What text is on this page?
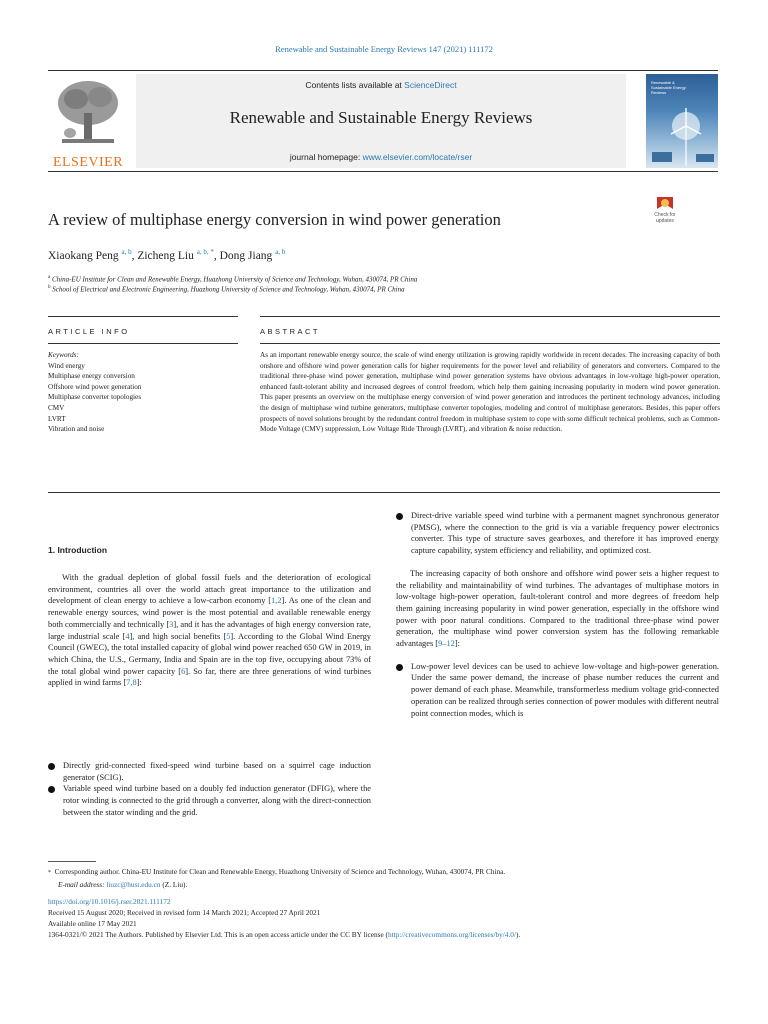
Renewable and Sustainable Energy Reviews 147 (2021) 111172
ELSEVIER
Contents lists available at ScienceDirect
Renewable and Sustainable Energy Reviews
journal homepage: www.elsevier.com/locate/rser
Renewable & Sustainable Energy Reviews
A review of multiphase energy conversion in wind power generation	Check for updates
Xiaokang Peng $^{a, b}$, Zicheng Liu $^{a, b, *}$, Dong Jiang $^{a, b}$
$^a$ China-EU Institute for Clean and Renewable Energy, Huazhong University of Science and Technology, Wuhan, 430074, PR China
$^b$ School of Electrical and Electronic Engineering, Huazhong University of Science and Technology, Wuhan, 430074, PR China
ARTICLE INFO	ABSTRACT
Keywords:
Wind energy
Multiphase energy conversion
Offshore wind power generation
Multiphase converter topologies
CMV
LVRT
Vibration and noise
As an important renewable energy source, the scale of wind energy utilization is growing rapidly worldwide in recent decades. The increasing capacity of both onshore and offshore wind power generation calls for higher requirements for the power level and reliability of generators and converters. Compared to the traditional three-phase wind power generation, multiphase wind power generation systems have obvious advantages in low-voltage high-power operation, enhanced fault-tolerant ability and increased degrees of control freedom, which help them gaining increasing popularity in modern wind power generation. This paper presents an overview on the multiphase energy conversion of wind power generation and introduces the pertinent technology advances, including the design of multiphase wind turbine generators, multiphase converter topologies, modeling and control of multiphase generators. Besides, this paper offers prospects of novel solutions brought by the redundant control freedom in multiphase system to cope with some difficult technical problems, such as Common-Mode Voltage (CMV) suppression, Low Voltage Ride Through (LVRT), and vibration & noise reduction.
1. Introduction

With the gradual depletion of global fossil fuels and the deterioration of ecological environment, countries all over the world attach great importance to the utilization and development of clean energy to achieve a low-carbon economy [1,2]. As one of the clean and renewable energy sources, wind power is the most potential and available renewable energy both commercially and technically [3], and it has the advantages of high energy conversion rate, large industrial scale [4], and high social benefits [5]. According to the Global Wind Energy Council (GWEC), the total installed capacity of global wind power reached 650 GW in 2019, in which China, the U.S., Germany, India and Spain are in the top five, occupying about 73% of the total global wind power capacity [6]. So far, there are three generations of wind turbines applied in wind farms [7,8]:

Directly grid-connected fixed-speed wind turbine based on a squirrel cage induction generator (SCIG).
Variable speed wind turbine based on a doubly fed induction generator (DFIG), where the rotor winding is connected to the grid through a converter, along with the direct-connection between the stator winding and the grid.
Direct-drive variable speed wind turbine with a permanent magnet synchronous generator (PMSG), where the connection to the grid is via a variable frequency power electronics converter. This type of structure saves gearboxes, and therefore it has improved energy capture capability, system efficiency and reliability, and optimized cost.

The increasing capacity of both onshore and offshore wind power sets a higher request to the reliability and maintainability of wind turbines. The advantages of multiphase motors in low-voltage high-power operation, fault-tolerant control and more degrees of freedom help them gaining increasing popularity in wind power generation, especially in the offshore wind power with poor natural conditions. Compared to the traditional three-phase wind power generation, the multiphase wind power conversion system has the following remarkable advantages [9–12]:

Low-power level devices can be used to achieve low-voltage and high-power generation. Under the same power demand, the increase of phase number reduces the current and power demand of each phase. Meanwhile, transformerless medium voltage grid-connected operation can be realized through series connection of power modules with different neutral point connection modes, which is
* Corresponding author. China-EU Institute for Clean and Renewable Energy, Huazhong University of Science and Technology, Wuhan, 430074, PR China.
E-mail address: liuzc@hust.edu.cn (Z. Liu).
https://doi.org/10.1016/j.rser.2021.111172
Received 15 August 2020; Received in revised form 14 March 2021; Accepted 27 April 2021
Available online 17 May 2021
1364-0321/© 2021 The Authors. Published by Elsevier Ltd. This is an open access article under the CC BY license (http://creativecommons.org/licenses/by/4.0/).
